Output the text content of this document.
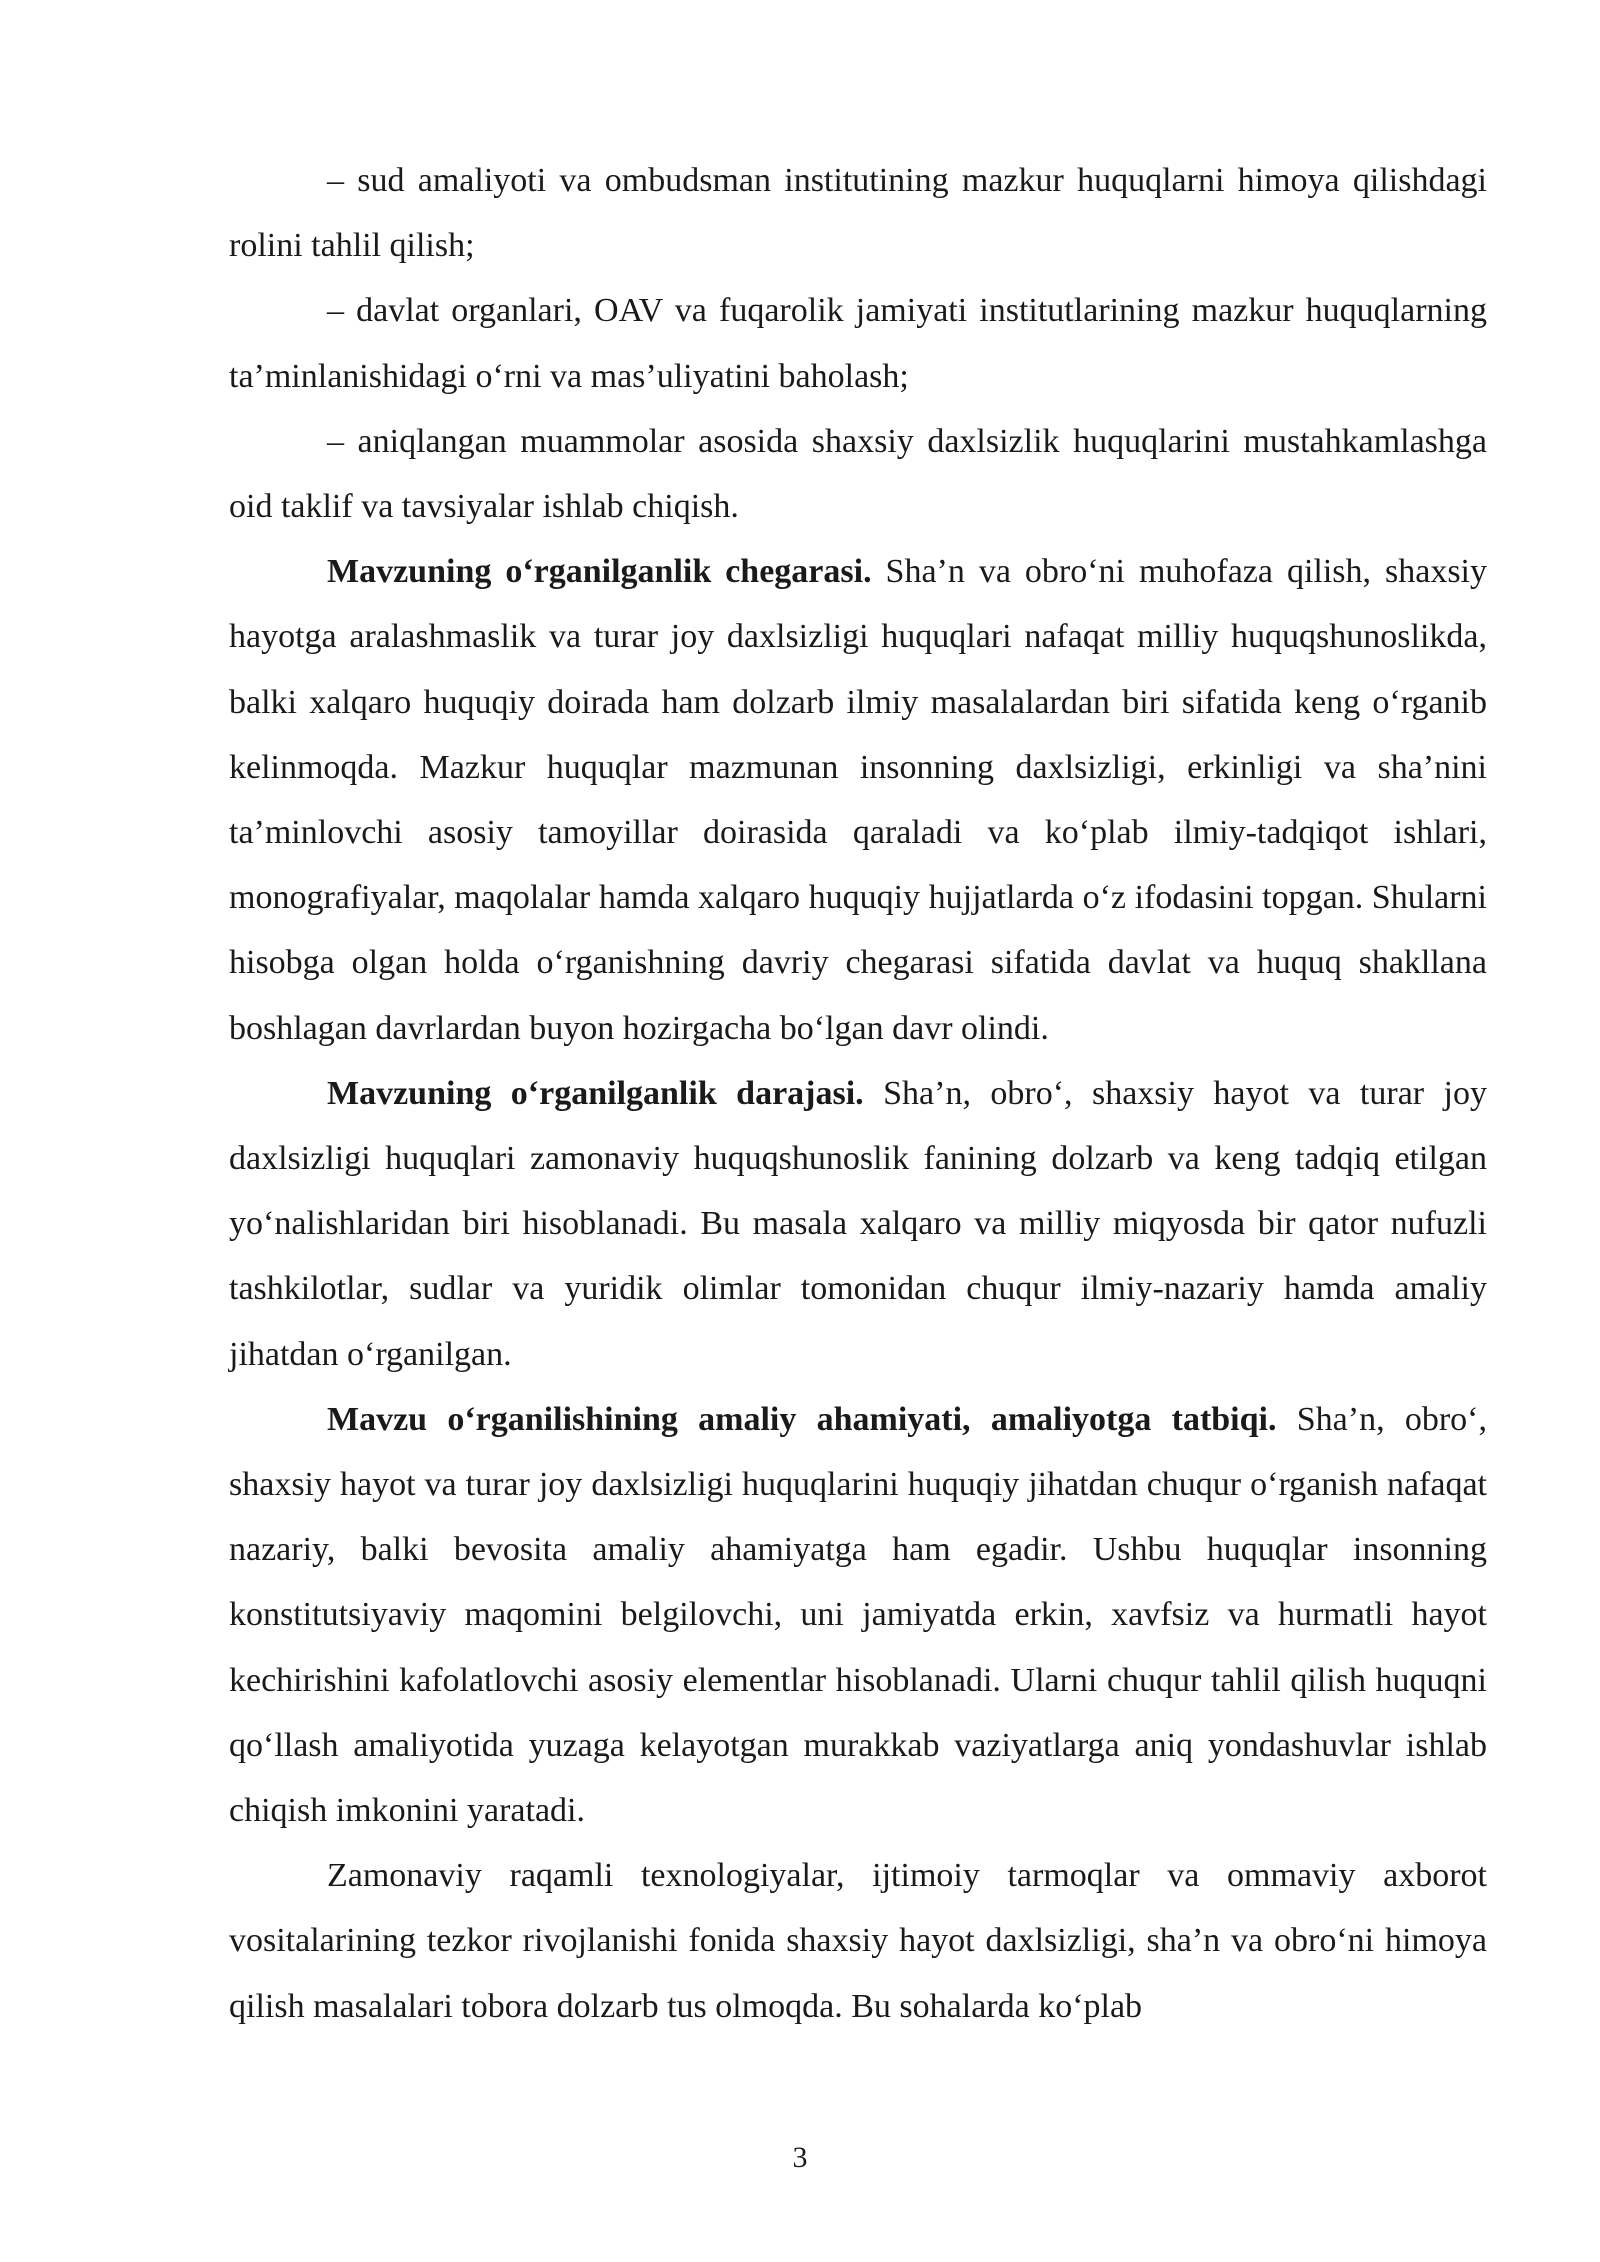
– sud amaliyoti va ombudsman institutining mazkur huquqlarni himoya qilishdagi rolini tahlil qilish;

– davlat organlari, OAV va fuqarolik jamiyati institutlarining mazkur huquqlarning ta’minlanishidagi o‘rni va mas’uliyatini baholash;

– aniqlangan muammolar asosida shaxsiy daxlsizlik huquqlarini mustahkamlashga oid taklif va tavsiyalar ishlab chiqish.

Mavzuning o‘rganilganlik chegarasi. Sha’n va obro‘ni muhofaza qilish, shaxsiy hayotga aralashmaslik va turar joy daxlsizligi huquqlari nafaqat milliy huquqshunoslikda, balki xalqaro huquqiy doirada ham dolzarb ilmiy masalalardan biri sifatida keng o‘rganib kelinmoqda. Mazkur huquqlar mazmunan insonning daxlsizligi, erkinligi va sha’nini ta’minlovchi asosiy tamoyillar doirasida qaraladi va ko‘plab ilmiy-tadqiqot ishlari, monografiyalar, maqolalar hamda xalqaro huquqiy hujjatlarda o‘z ifodasini topgan. Shularni hisobga olgan holda o‘rganishning davriy chegarasi sifatida davlat va huquq shakllana boshlagan davrlardan buyon hozirgacha bo‘lgan davr olindi.

Mavzuning o‘rganilganlik darajasi. Sha’n, obro‘, shaxsiy hayot va turar joy daxlsizligi huquqlari zamonaviy huquqshunoslik fanining dolzarb va keng tadqiq etilgan yo‘nalishlaridan biri hisoblanadi. Bu masala xalqaro va milliy miqyosda bir qator nufuzli tashkilotlar, sudlar va yuridik olimlar tomonidan chuqur ilmiy-nazariy hamda amaliy jihatdan o‘rganilgan.

Mavzu o‘rganilishining amaliy ahamiyati, amaliyotga tatbiqi. Sha’n, obro‘, shaxsiy hayot va turar joy daxlsizligi huquqlarini huquqiy jihatdan chuqur o‘rganish nafaqat nazariy, balki bevosita amaliy ahamiyatga ham egadir. Ushbu huquqlar insonning konstitutsiyaviy maqomini belgilovchi, uni jamiyatda erkin, xavfsiz va hurmatli hayot kechirishini kafolatlovchi asosiy elementlar hisoblanadi. Ularni chuqur tahlil qilish huquqni qo‘llash amaliyotida yuzaga kelayotgan murakkab vaziyatlarga aniq yondashuvlar ishlab chiqish imkonini yaratadi.

Zamonaviy raqamli texnologiyalar, ijtimoiy tarmoqlar va ommaviy axborot vositalarining tezkor rivojlanishi fonida shaxsiy hayot daxlsizligi, sha’n va obro‘ni himoya qilish masalalari tobora dolzarb tus olmoqda. Bu sohalarda ko‘plab

3
